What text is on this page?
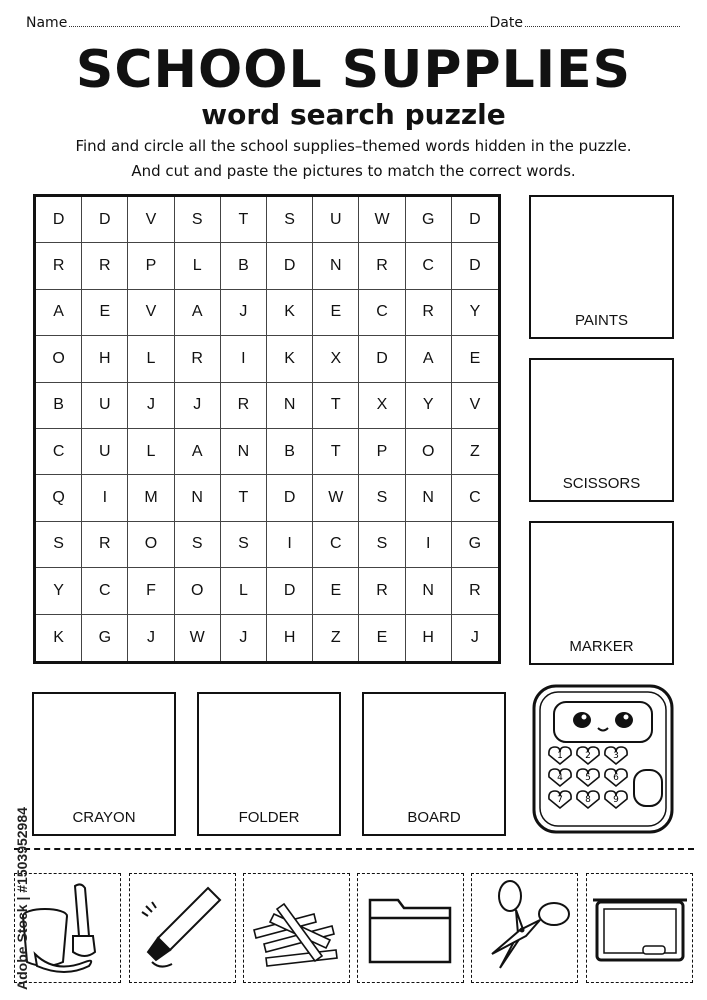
Name	Date
SCHOOL SUPPLIES
word search puzzle
Find and circle all the school supplies–themed words hidden in the puzzle.
And cut and paste the pictures to match the correct words.
D	D	V	S	T	S	U	W	G	D
R	R	P	L	B	D	N	R	C	D
A	E	V	A	J	K	E	C	R	Y
O	H	L	R	I	K	X	D	A	E
B	U	J	J	R	N	T	X	Y	V
C	U	L	A	N	B	T	P	O	Z
Q	I	M	N	T	D	W	S	N	C
S	R	O	S	S	I	C	S	I	G
Y	C	F	O	L	D	E	R	N	R
K	G	J	W	J	H	Z	E	H	J
PAINTS
SCISSORS
MARKER
CRAYON	FOLDER	BOARD
1 2 3
4 5 6
7 8 9
Adobe Stock | #1503952984
